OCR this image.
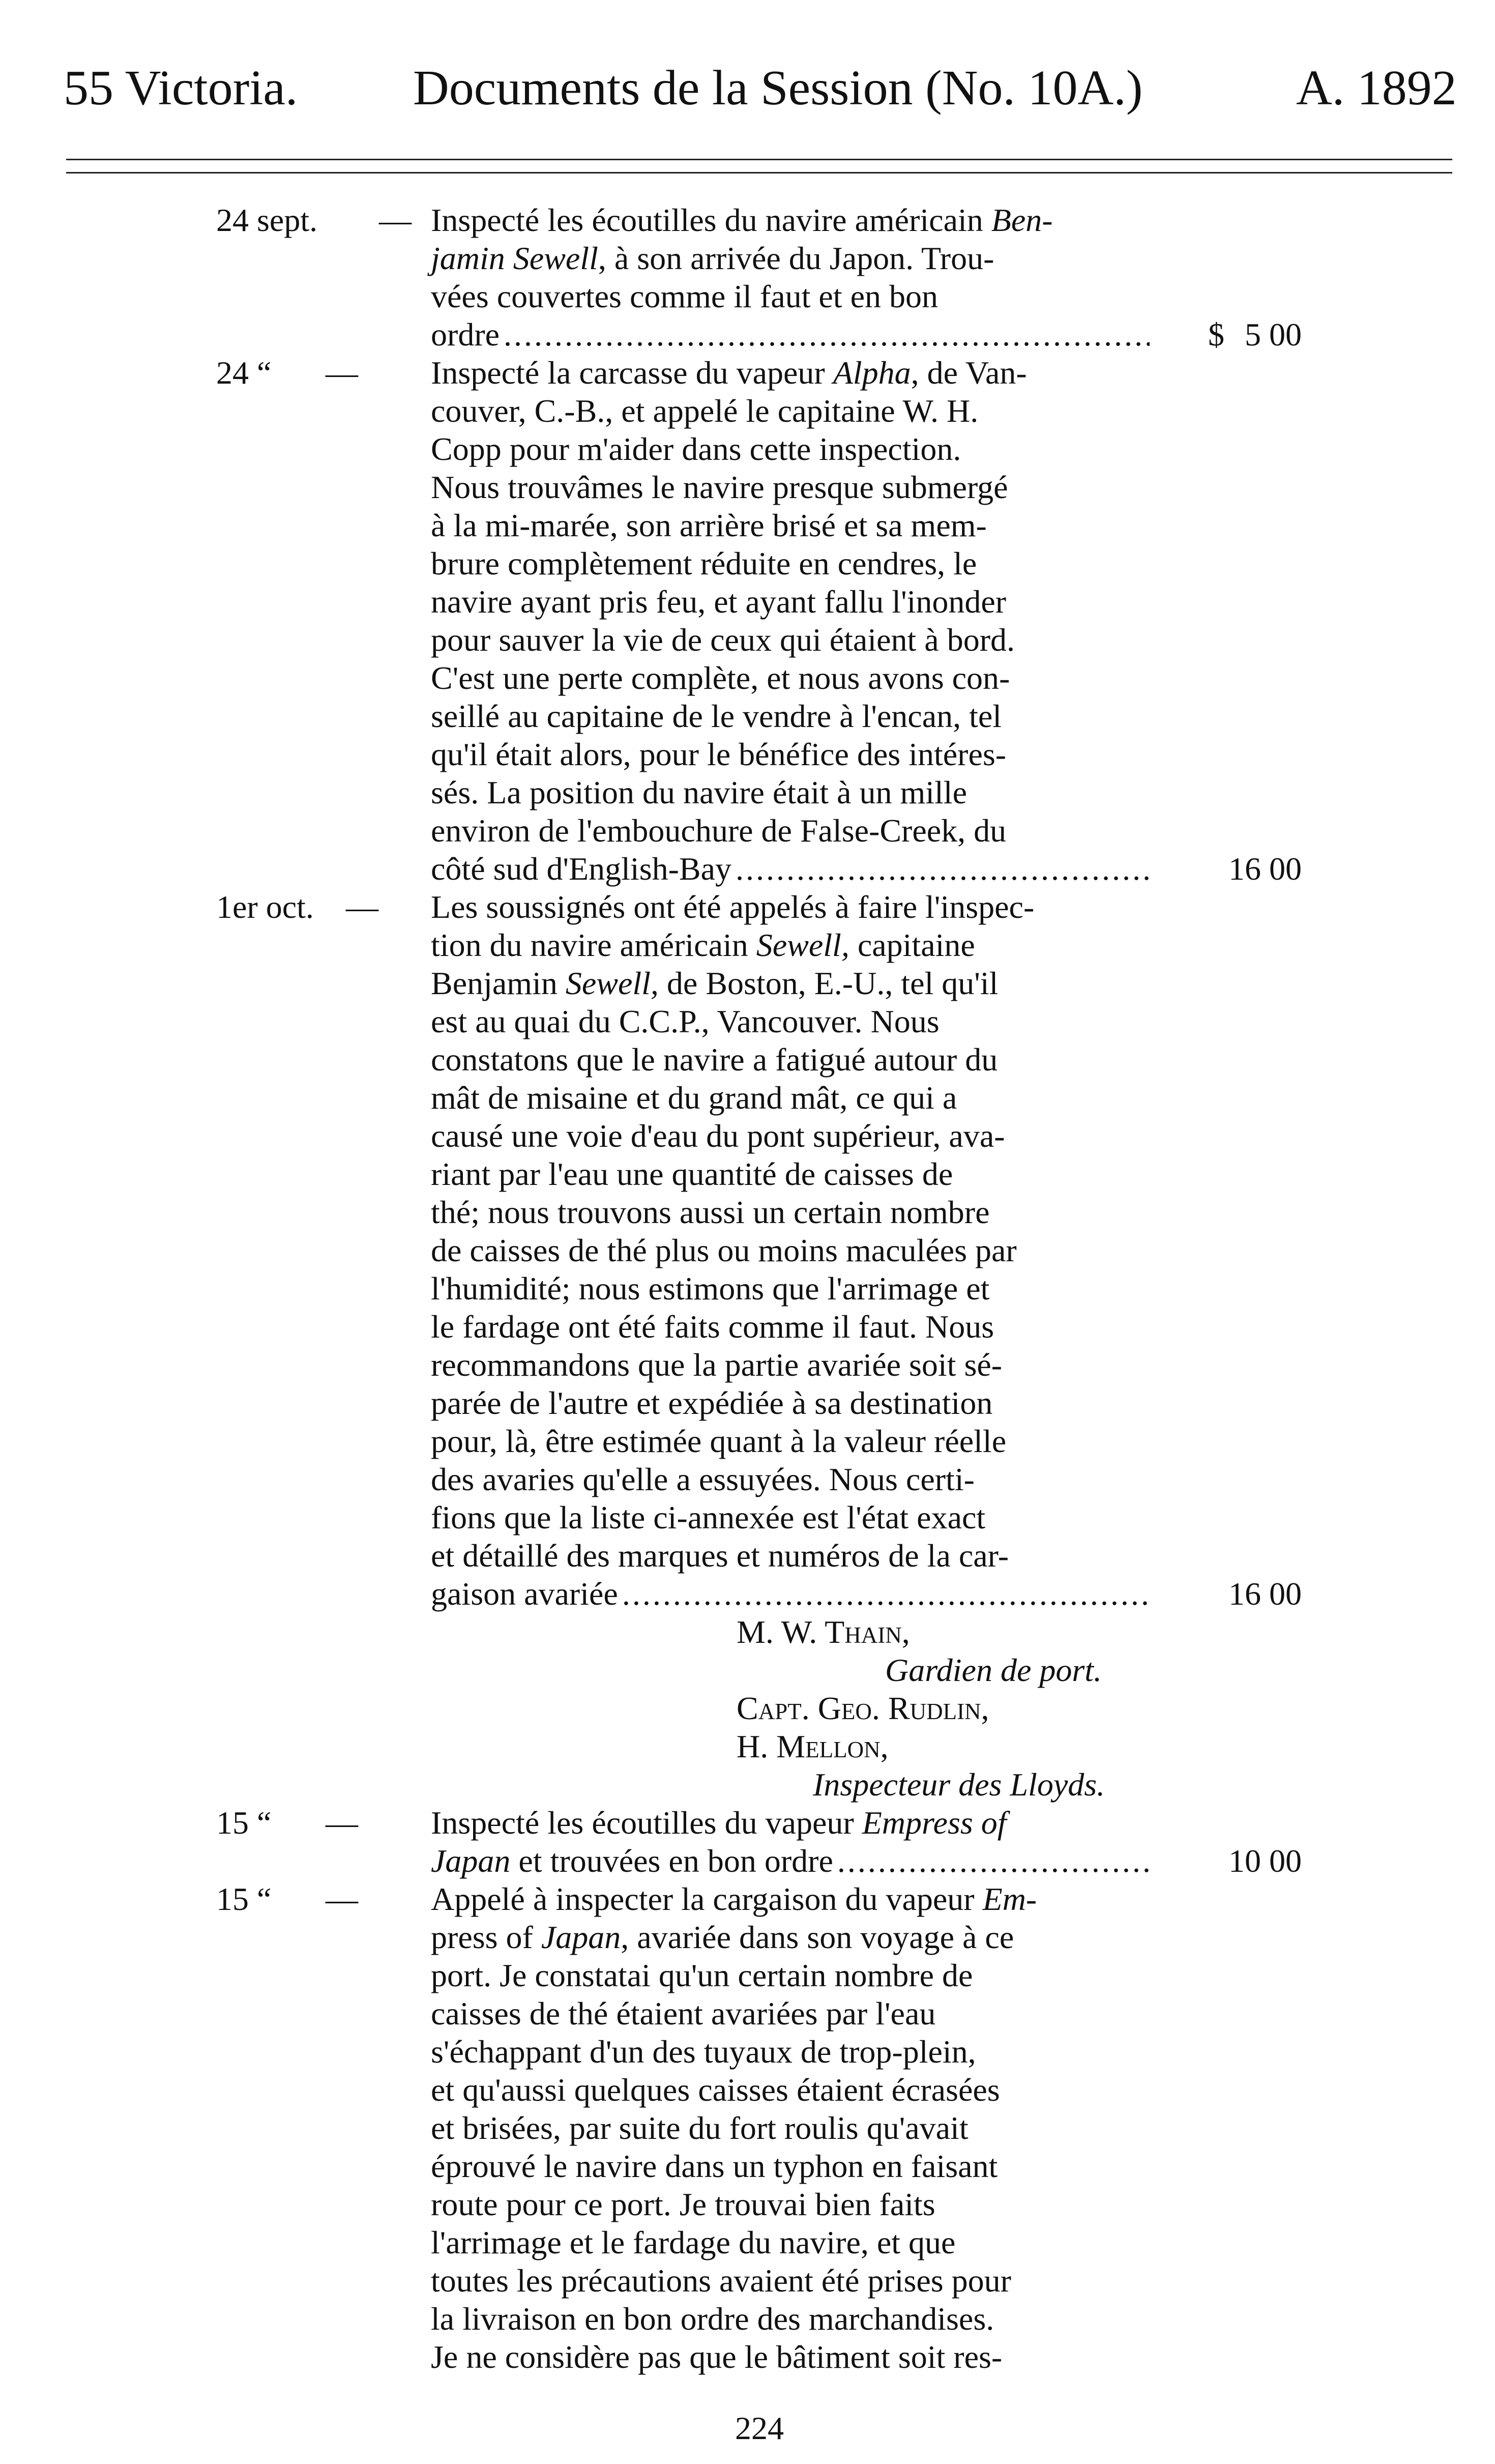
55 Victoria. Documents de la Session (No. 10A.)	A. 1892
24 sept. — Inspecté les écoutilles du navire américain Ben-

jamin Sewell, à son arrivée du Japon. Trou-

vées couvertes comme il faut et en bon

ordre .....	$ 5 00
24 “ — Inspecté la carcasse du vapeur Alpha, de Van-

couver, C.-B., et appelé le capitaine W. H.

Copp pour m'aider dans cette inspection.

Nous trouvâmes le navire presque submergé

à la mi-marée, son arrière brisé et sa mem-

brure complètement réduite en cendres, le

navire ayant pris feu, et ayant fallu l'inonder

pour sauver la vie de ceux qui étaient à bord.

C'est une perte complète, et nous avons con-

seillé au capitaine de le vendre à l'encan, tel

qu'il était alors, pour le bénéfice des intéres-

sés. La position du navire était à un mille

environ de l'embouchure de False-Creek, du

côté sud d'English-Bay .....	16 00
1er oct. — Les soussignés ont été appelés à faire l'inspec-

tion du navire américain Sewell, capitaine

Benjamin Sewell, de Boston, E.-U., tel qu'il

est au quai du C.C.P., Vancouver. Nous

constatons que le navire a fatigué autour du

mât de misaine et du grand mât, ce qui a

causé une voie d'eau du pont supérieur, ava-

riant par l'eau une quantité de caisses de

thé; nous trouvons aussi un certain nombre

de caisses de thé plus ou moins maculées par

l'humidité; nous estimons que l'arrimage et

le fardage ont été faits comme il faut. Nous

recommandons que la partie avariée soit sé-

parée de l'autre et expédiée à sa destination

pour, là, être estimée quant à la valeur réelle

des avaries qu'elle a essuyées. Nous certi-

fions que la liste ci-annexée est l'état exact

et détaillé des marques et numéros de la car-

gaison avariée .....	16 00
M. W. Thain,
Gardien de port.
Capt. Geo. Rudlin,
H. Mellon,
Inspecteur des Lloyds.
15 “ — Inspecté les écoutilles du vapeur Empress of

Japan et trouvées en bon ordre .....	10 00
15 “ — Appelé à inspecter la cargaison du vapeur Em-

press of Japan, avariée dans son voyage à ce

port. Je constatai qu'un certain nombre de

caisses de thé étaient avariées par l'eau

s'échappant d'un des tuyaux de trop-plein,

et qu'aussi quelques caisses étaient écrasées

et brisées, par suite du fort roulis qu'avait

éprouvé le navire dans un typhon en faisant

route pour ce port. Je trouvai bien faits

l'arrimage et le fardage du navire, et que

toutes les précautions avaient été prises pour

la livraison en bon ordre des marchandises.

Je ne considère pas que le bâtiment soit res-

224
